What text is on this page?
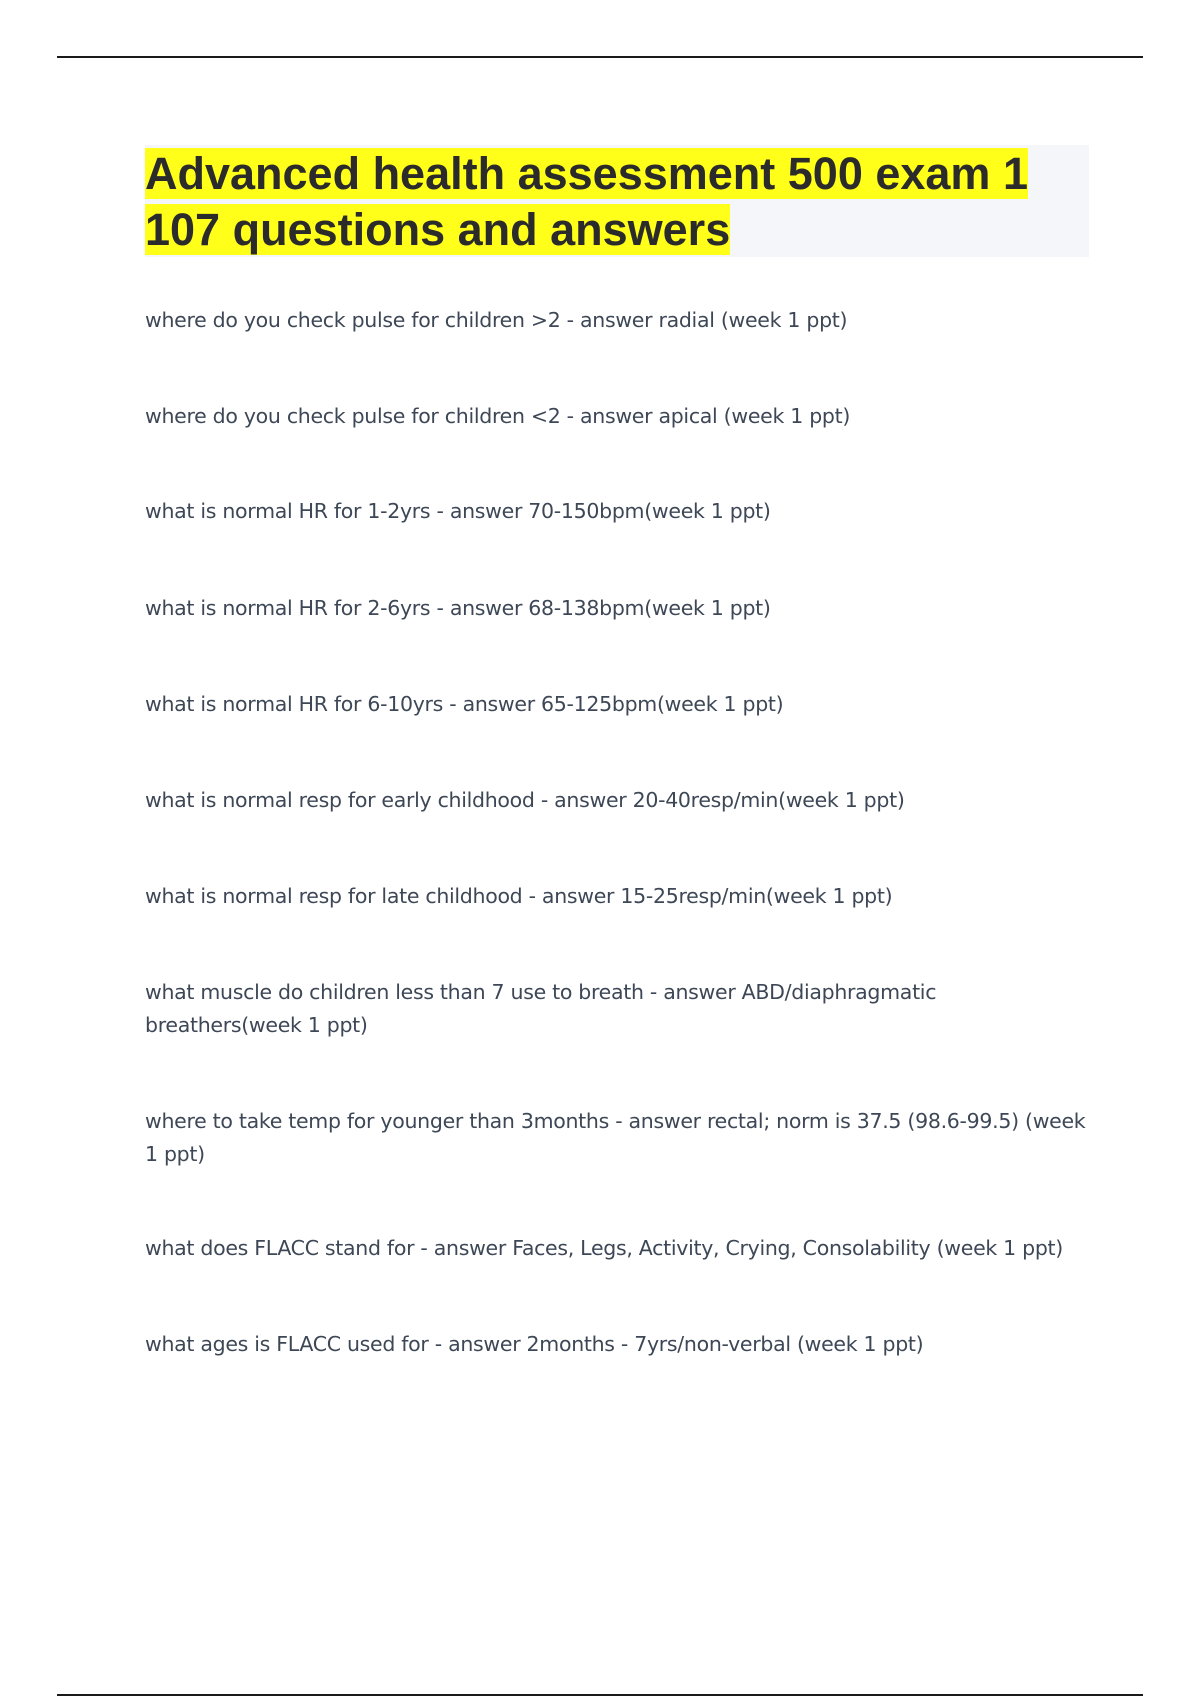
Advanced health assessment 500 exam 1 107 questions and answers

where do you check pulse for children >2 - answer radial (week 1 ppt)

where do you check pulse for children <2 - answer apical (week 1 ppt)

what is normal HR for 1-2yrs - answer 70-150bpm(week 1 ppt)

what is normal HR for 2-6yrs - answer 68-138bpm(week 1 ppt)

what is normal HR for 6-10yrs - answer 65-125bpm(week 1 ppt)

what is normal resp for early childhood - answer 20-40resp/min(week 1 ppt)

what is normal resp for late childhood - answer 15-25resp/min(week 1 ppt)

what muscle do children less than 7 use to breath - answer ABD/diaphragmatic breathers(week 1 ppt)

where to take temp for younger than 3months - answer rectal; norm is 37.5 (98.6-99.5) (week 1 ppt)

what does FLACC stand for - answer Faces, Legs, Activity, Crying, Consolability (week 1 ppt)

what ages is FLACC used for - answer 2months - 7yrs/non-verbal (week 1 ppt)
